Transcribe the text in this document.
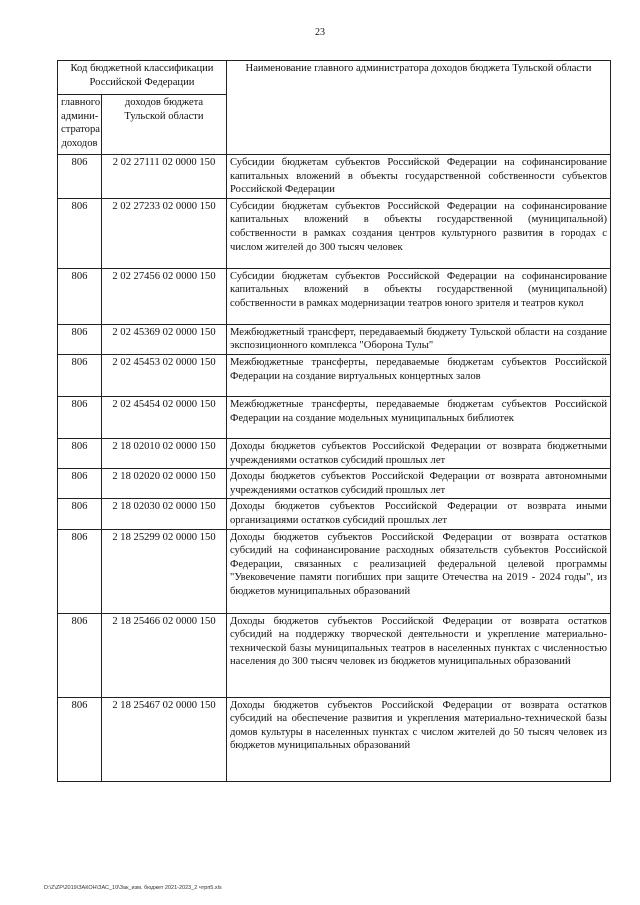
23
Код бюджетной классификации Российской Федерации		Наименование главного администратора доходов бюджета Тульской области
главного админи-стратора доходов	доходов бюджета Тульской области	
806	2 02 27111 02 0000 150	Субсидии бюджетам субъектов Российской Федерации на софинансирование капитальных вложений в объекты государственной собственности субъектов Российской Федерации
806	2 02 27233 02 0000 150	Субсидии бюджетам субъектов Российской Федерации на софинансирование капитальных вложений в объекты государственной (муниципальной) собственности в рамках создания центров культурного развития в городах с числом жителей до 300 тысяч человек
806	2 02 27456 02 0000 150	Субсидии бюджетам субъектов Российской Федерации на софинансирование капитальных вложений в объекты государственной (муниципальной) собственности в рамках модернизации театров юного зрителя и театров кукол
806	2 02 45369 02 0000 150	Межбюджетный трансферт, передаваемый бюджету Тульской области на создание экспозиционного комплекса "Оборона Тулы"
806	2 02 45453 02 0000 150	Межбюджетные трансферты, передаваемые бюджетам субъектов Российской Федерации на создание виртуальных концертных залов
806	2 02 45454 02 0000 150	Межбюджетные трансферты, передаваемые бюджетам субъектов Российской Федерации на создание модельных муниципальных библиотек
806	2 18 02010 02 0000 150	Доходы бюджетов субъектов Российской Федерации от возврата бюджетными учреждениями остатков субсидий прошлых лет
806	2 18 02020 02 0000 150	Доходы бюджетов субъектов Российской Федерации от возврата автономными учреждениями остатков субсидий прошлых лет
806	2 18 02030 02 0000 150	Доходы бюджетов субъектов Российской Федерации от возврата иными организациями остатков субсидий прошлых лет
806	2 18 25299 02 0000 150	Доходы бюджетов субъектов Российской Федерации от возврата остатков субсидий на софинансирование расходных обязательств субъектов Российской Федерации, связанных с реализацией федеральной целевой программы "Увековечение памяти погибших при защите Отечества на 2019 - 2024 годы", из бюджетов муниципальных образований
806	2 18 25466 02 0000 150	Доходы бюджетов субъектов Российской Федерации от возврата остатков субсидий на поддержку творческой деятельности и укрепление материально-технической базы муниципальных театров в населенных пунктах с численностью населения до 300 тысяч человек из бюджетов муниципальных образований
806	2 18 25467 02 0000 150	Доходы бюджетов субъектов Российской Федерации от возврата остатков субсидий на обеспечение развития и укрепления материально-технической базы домов культуры в населенных пунктах с числом жителей до 50 тысяч человек из бюджетов муниципальных образований
D:\Z\ZP\2019\ЗАКОН\ЗАС_10\Зак_изм. бюджет 2021-2023_2 чтрп5.xls
